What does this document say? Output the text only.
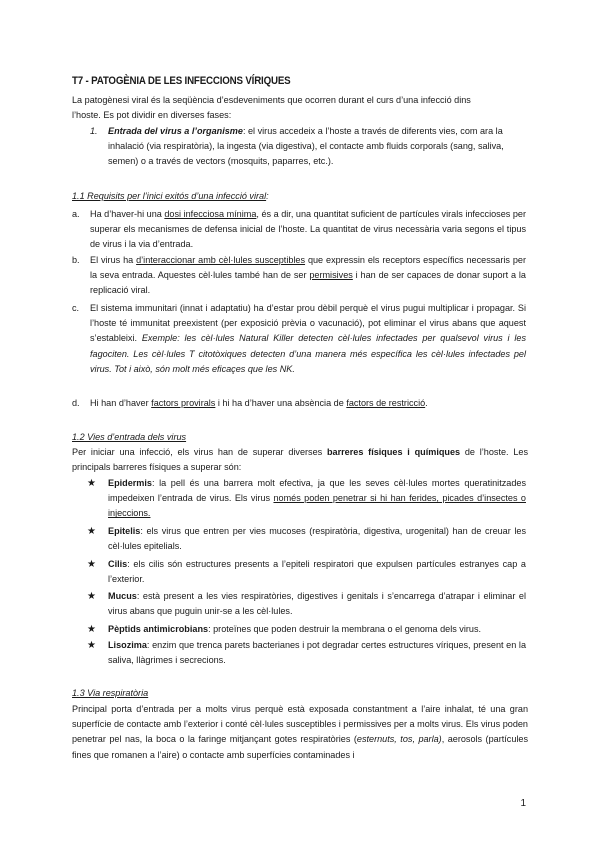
T7 - PATOGÈNIA DE LES INFECCIONS VÍRIQUES

La patogènesi viral és la seqüència d’esdeveniments que ocorren durant el curs d’una infecció dins
l’hoste. Es pot dividir en diverses fases:

1. Entrada del virus a l’organisme: el virus accedeix a l’hoste a través de diferents vies, com ara la inhalació (via respiratòria), la ingesta (via digestiva), el contacte amb fluids corporals (sang, saliva, semen) o a través de vectors (mosquits, paparres, etc.).

1.1 Requisits per l’inici exitós d’una infecció viral:

a. Ha d’haver-hi una dosi infecciosa mínima, és a dir, una quantitat suficient de partícules virals infeccioses per superar els mecanismes de defensa inicial de l’hoste. La quantitat de virus necessària varia segons el tipus de virus i la via d’entrada.
b. El virus ha d’interaccionar amb cèl·lules susceptibles que expressin els receptors específics necessaris per la seva entrada. Aquestes cèl·lules també han de ser permisives i han de ser capaces de donar suport a la replicació viral.
c. El sistema immunitari (innat i adaptatiu) ha d’estar prou dèbil perquè el virus pugui multiplicar i propagar. Si l’hoste té immunitat preexistent (per exposició prèvia o vacunació), pot eliminar el virus abans que aquest s’estableixi. Exemple: les cèl·lules Natural Killer detecten cèl·lules infectades per qualsevol virus i les fagociten. Les cèl·lules T citotòxiques detecten d’una manera més específica les cèl·lules infectades pel virus. Tot i això, són molt més eficaçes que les NK.
d. Hi han d’haver factors provirals i hi ha d’haver una absència de factors de restricció.

1.2 Vies d’entrada dels virus

Per iniciar una infecció, els virus han de superar diverses barreres físiques i químiques de l’hoste. Les principals barreres físiques a superar són:

★ Epidermis: la pell és una barrera molt efectiva, ja que les seves cèl·lules mortes queratinitzades impedeixen l’entrada de virus. Els virus només poden penetrar si hi han ferides, picades d’insectes o injeccions.
★ Epitelis: els virus que entren per vies mucoses (respiratòria, digestiva, urogenital) han de creuar les cèl·lules epitelials.
★ Cilis: els cilis són estructures presents a l’epiteli respiratori que expulsen partícules estranyes cap a l’exterior.
★ Mucus: està present a les vies respiratòries, digestives i genitals i s’encarrega d’atrapar i eliminar el virus abans que puguin unir-se a les cèl·lules.
★ Pèptids antimicrobians: proteïnes que poden destruir la membrana o el genoma dels virus.
★ Lisozima: enzim que trenca parets bacterianes i pot degradar certes estructures víriques, present en la saliva, llàgrimes i secrecions.

1.3 Via respiratòria

Principal porta d’entrada per a molts virus perquè està exposada constantment a l’aire inhalat, té una gran superfície de contacte amb l’exterior i conté cèl·lules susceptibles i permissives per a molts virus. Els virus poden penetrar pel nas, la boca o la faringe mitjançant gotes respiratòries (esternuts, tos, parla), aerosols (partícules fines que romanen a l’aire) o contacte amb superfícies contaminades i

1
